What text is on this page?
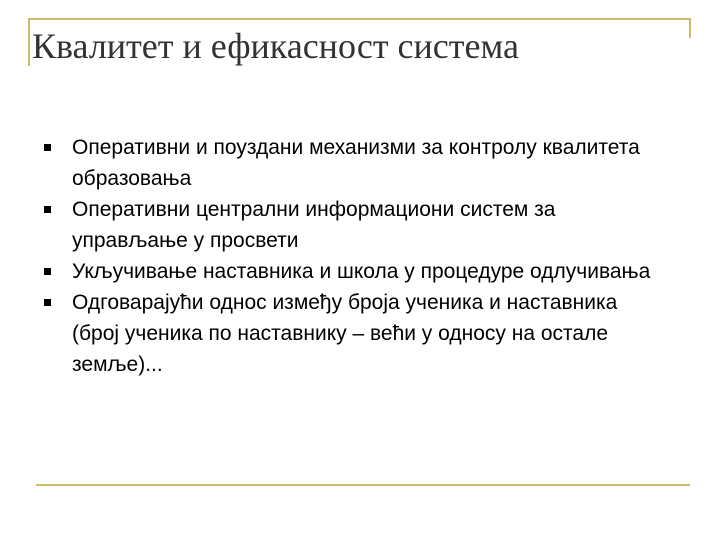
Квалитет и ефикасност система
Оперативни и поуздани механизми за контролу квалитета образовања
Оперативни централни информациони систем за управљање у просвети
Укључивање наставника и школа у процедуре одлучивања
Одговарајући однос између броја ученика и наставника (број ученика по наставнику – већи у односу на остале земље)...
